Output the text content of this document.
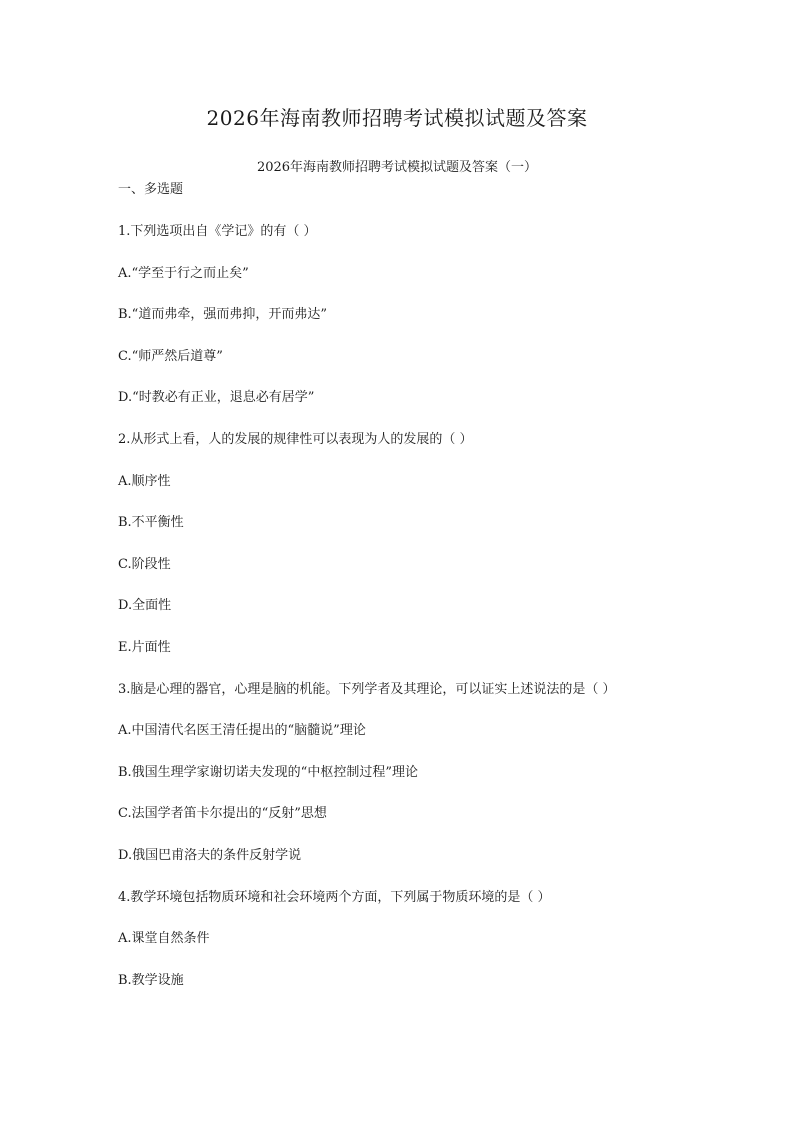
2026年海南教师招聘考试模拟试题及答案
2026年海南教师招聘考试模拟试题及答案（一）
一、多选题
1.下列选项出自《学记》的有（ ）
A.“学至于行之而止矣”
B.“道而弗牵，强而弗抑，开而弗达”
C.“师严然后道尊”
D.“时教必有正业，退息必有居学”
2.从形式上看，人的发展的规律性可以表现为人的发展的（ ）
A.顺序性
B.不平衡性
C.阶段性
D.全面性
E.片面性
3.脑是心理的器官，心理是脑的机能。下列学者及其理论，可以证实上述说法的是（ ）
A.中国清代名医王清任提出的“脑髓说”理论
B.俄国生理学家谢切诺夫发现的“中枢控制过程”理论
C.法国学者笛卡尔提出的“反射”思想
D.俄国巴甫洛夫的条件反射学说
4.教学环境包括物质环境和社会环境两个方面，下列属于物质环境的是（ ）
A.课堂自然条件
B.教学设施
